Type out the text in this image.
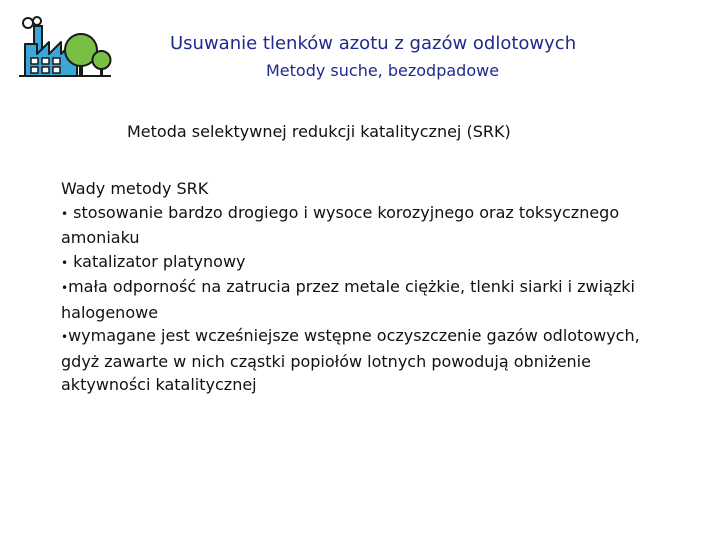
Usuwanie tlenków azotu z gazów odlotowych
Metody suche, bezodpadowe
Metoda selektywnej redukcji katalitycznej (SRK)

Wady metody SRK

• stosowanie bardzo drogiego i wysoce korozyjnego oraz toksycznego amoniaku

• katalizator platynowy

•mała odporność na zatrucia przez metale ciężkie, tlenki siarki i związki halogenowe

•wymagane jest wcześniejsze wstępne oczyszczenie gazów odlotowych, gdyż zawarte w nich cząstki popiołów lotnych powodują obniżenie aktywności katalitycznej
